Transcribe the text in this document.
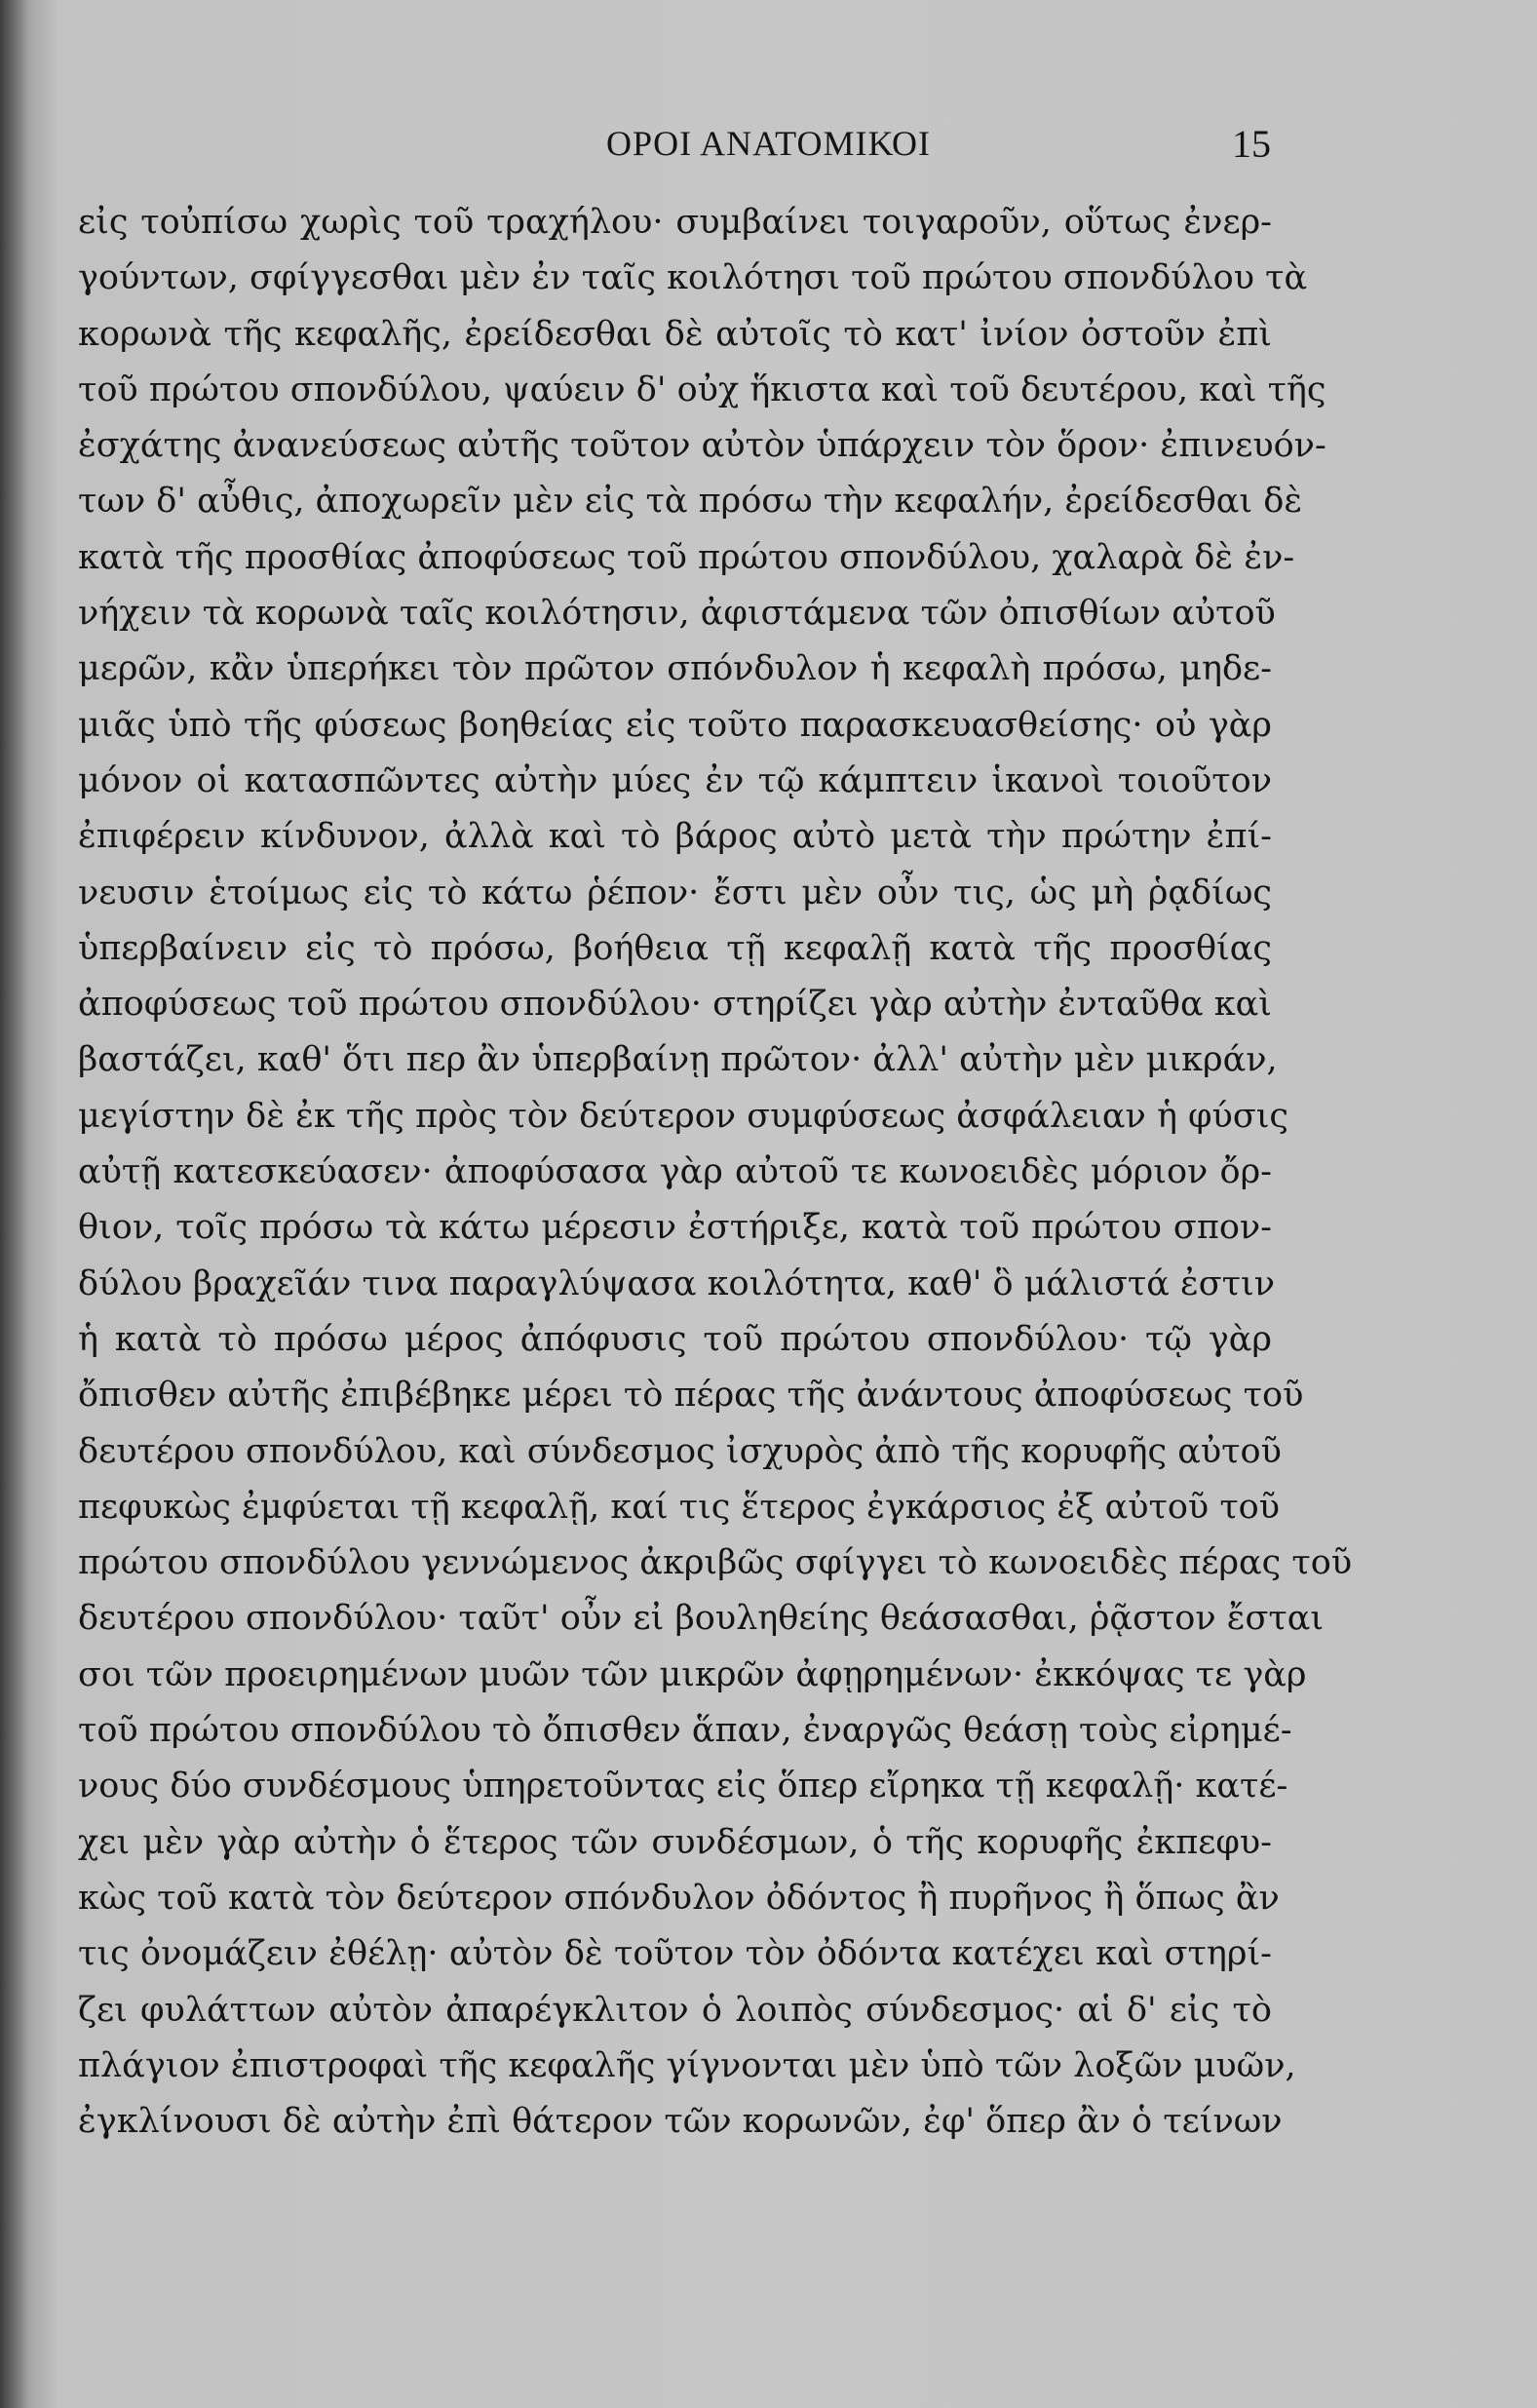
ΟΡΟΙ ΑΝΑΤΟΜΙΚΟΙ	15
εἰς τοὐπίσω χωρὶς τοῦ τραχήλου· συμβαίνει τοιγαροῦν, οὕτως ἐνερ-
γούντων, σφίγγεσθαι μὲν ἐν ταῖς κοιλότησι τοῦ πρώτου σπονδύλου τὰ
κορωνὰ τῆς κεφαλῆς, ἐρείδεσθαι δὲ αὐτοῖς τὸ κατ' ἰνίον ὀστοῦν ἐπὶ
τοῦ πρώτου σπονδύλου, ψαύειν δ' οὐχ ἥκιστα καὶ τοῦ δευτέρου, καὶ τῆς
ἐσχάτης ἀνανεύσεως αὐτῆς τοῦτον αὐτὸν ὑπάρχειν τὸν ὅρον· ἐπινευόν-
των δ' αὖθις, ἀποχωρεῖν μὲν εἰς τὰ πρόσω τὴν κεφαλήν, ἐρείδεσθαι δὲ
κατὰ τῆς προσθίας ἀποφύσεως τοῦ πρώτου σπονδύλου, χαλαρὰ δὲ ἐν-
νήχειν τὰ κορωνὰ ταῖς κοιλότησιν, ἀφιστάμενα τῶν ὀπισθίων αὐτοῦ
μερῶν, κἂν ὑπερήκει τὸν πρῶτον σπόνδυλον ἡ κεφαλὴ πρόσω, μηδε-
μιᾶς ὑπὸ τῆς φύσεως βοηθείας εἰς τοῦτο παρασκευασθείσης· οὐ γὰρ
μόνον οἱ κατασπῶντες αὐτὴν μύες ἐν τῷ κάμπτειν ἱκανοὶ τοιοῦτον
ἐπιφέρειν κίνδυνον, ἀλλὰ καὶ τὸ βάρος αὐτὸ μετὰ τὴν πρώτην ἐπί-
νευσιν ἑτοίμως εἰς τὸ κάτω ῥέπον· ἔστι μὲν οὖν τις, ὡς μὴ ῥᾳδίως
ὑπερβαίνειν εἰς τὸ πρόσω, βοήθεια τῇ κεφαλῇ κατὰ τῆς προσθίας
ἀποφύσεως τοῦ πρώτου σπονδύλου· στηρίζει γὰρ αὐτὴν ἐνταῦθα καὶ
βαστάζει, καθ' ὅτι περ ἂν ὑπερβαίνῃ πρῶτον· ἀλλ' αὐτὴν μὲν μικράν,
μεγίστην δὲ ἐκ τῆς πρὸς τὸν δεύτερον συμφύσεως ἀσφάλειαν ἡ φύσις
αὐτῇ κατεσκεύασεν· ἀποφύσασα γὰρ αὐτοῦ τε κωνοειδὲς μόριον ὄρ-
θιον, τοῖς πρόσω τὰ κάτω μέρεσιν ἐστήριξε, κατὰ τοῦ πρώτου σπον-
δύλου βραχεῖάν τινα παραγλύψασα κοιλότητα, καθ' ὃ μάλιστά ἐστιν
ἡ κατὰ τὸ πρόσω μέρος ἀπόφυσις τοῦ πρώτου σπονδύλου· τῷ γὰρ
ὄπισθεν αὐτῆς ἐπιβέβηκε μέρει τὸ πέρας τῆς ἀνάντους ἀποφύσεως τοῦ
δευτέρου σπονδύλου, καὶ σύνδεσμος ἰσχυρὸς ἀπὸ τῆς κορυφῆς αὐτοῦ
πεφυκὼς ἐμφύεται τῇ κεφαλῇ, καί τις ἕτερος ἐγκάρσιος ἐξ αὐτοῦ τοῦ
πρώτου σπονδύλου γεννώμενος ἀκριβῶς σφίγγει τὸ κωνοειδὲς πέρας τοῦ
δευτέρου σπονδύλου· ταῦτ' οὖν εἰ βουληθείης θεάσασθαι, ῥᾷστον ἔσται
σοι τῶν προειρημένων μυῶν τῶν μικρῶν ἀφῃρημένων· ἐκκόψας τε γὰρ
τοῦ πρώτου σπονδύλου τὸ ὄπισθεν ἅπαν, ἐναργῶς θεάσῃ τοὺς εἰρημέ-
νους δύο συνδέσμους ὑπηρετοῦντας εἰς ὅπερ εἴρηκα τῇ κεφαλῇ· κατέ-
χει μὲν γὰρ αὐτὴν ὁ ἕτερος τῶν συνδέσμων, ὁ τῆς κορυφῆς ἐκπεφυ-
κὼς τοῦ κατὰ τὸν δεύτερον σπόνδυλον ὀδόντος ἢ πυρῆνος ἢ ὅπως ἂν
τις ὀνομάζειν ἐθέλῃ· αὐτὸν δὲ τοῦτον τὸν ὀδόντα κατέχει καὶ στηρί-
ζει φυλάττων αὐτὸν ἀπαρέγκλιτον ὁ λοιπὸς σύνδεσμος· αἱ δ' εἰς τὸ
πλάγιον ἐπιστροφαὶ τῆς κεφαλῆς γίγνονται μὲν ὑπὸ τῶν λοξῶν μυῶν,
ἐγκλίνουσι δὲ αὐτὴν ἐπὶ θάτερον τῶν κορωνῶν, ἐφ' ὅπερ ἂν ὁ τείνων
